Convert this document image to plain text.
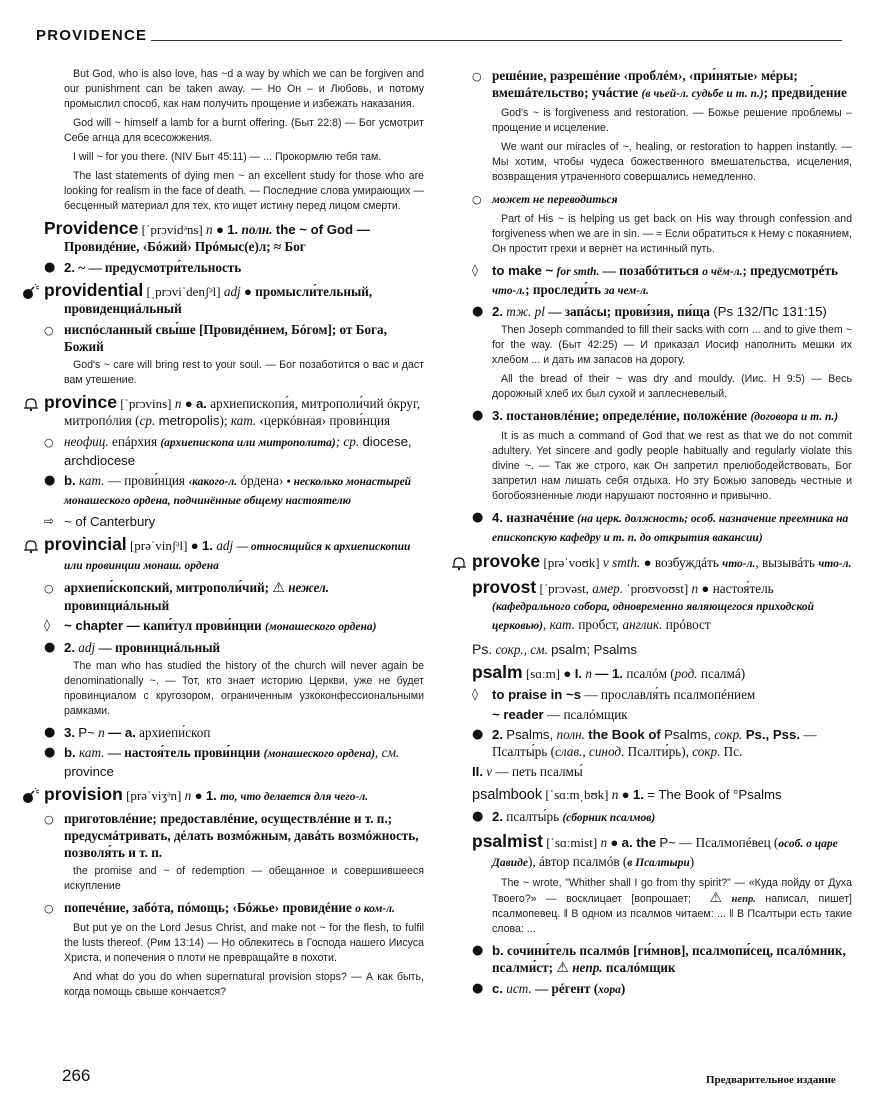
PROVIDENCE

But God, who is also love, has ~d a way by which we can be forgiven and our punishment can be taken away. — Но Он – и Любовь, и потому промыслил способ, как нам получить прощение и избежать наказания.

God will ~ himself a lamb for a burnt offering. (Быт 22:8) — Бог усмотрит Себе агнца для всесожжения.

I will ~ for you there. (NIV Быт 45:11) — ... Прокормлю тебя там.

The last statements of dying men ~ an excellent study for those who are looking for realism in the face of death. — Последние слова умирающих — бесценный материал для тех, кто ищет истину перед лицом смерти.

Providence [ˈprɔvidᵊns] n ● 1. полн. the ~ of God — Провидéние, ‹Бóжий› Прóмыс(е)л; ≈ Бог
● 2. ~ — предусмотри́тельность
providential [ˌprɔviˈdenʃᵊl] adj ● промысли́тельный, провиденциáльный
○ ниспóсланный свы́ше [Провидéнием, Бóгом]; от Бога, Божий

God's ~ care will bring rest to your soul. — Бог позаботится о вас и даст вам утешение.

province [ˈprɔvins] n ● a. архиепископи́я, митрополи́чий óкруг, митропóлия (ср. metropolis); кат. ‹церкóвная› прови́нция
○ неофиц. епáрхия (архиепископа или митрополита); ср. diocese, archdiocese
● b. кат. — прови́нция ‹какого-л. óрдена› • несколько монастырей монашеского ордена, подчинённые общему настоятелю
⇨ ~ of Canterbury
provincial [prəˈvinʃᵊl] ● 1. adj — относящийся к архиепископии или провинции монаш. ордена
○ архиепи́скопский, митрополи́чий; ⚠ нежел. провинциáльный
◊	~ chapter — капи́тул прови́нции (монашеского ордена)
● 2. adj — провинциáльный

The man who has studied the history of the church will never again be denominationally ~. — Тот, кто знает историю Церкви, уже не будет провинциалом с кругозором, ограниченным узкоконфессиональными рамками.

● 3. P~ n — a. архиепи́скоп
● b. кат. — настоя́тель прови́нции (монашеского ордена), см. province
provision [prəˈviʒᵊn] n ● 1. то, что делается для чего-л.
○ приготовлéние; предоставлéние, осуществлéние и т. п.; предусмáтривать, дéлать возмóжным, давáть возмóжность, позволя́ть и т. п.

the promise and ~ of redemption — обещанное и совершившееся искупление

○ попечéние, забóта, пóмощь; ‹Бóжье› провидéние о ком-л.

But put ye on the Lord Jesus Christ, and make not ~ for the flesh, to fulfil the lusts thereof. (Рим 13:14) — Но облекитесь в Господа нашего Иисуса Христа, и попечения о плоти не превращайте в похоти.

And what do you do when supernatural provision stops? — А как быть, когда помощь свыше кончается?

○ решéние, разрешéние ‹проблéм›, ‹при́нятые› мéры; вмешáтельство; учáстие (в чьей-л. судьбе и т. п.); предви́дение

God's ~ is forgiveness and restoration. — Божье решение проблемы – прощение и исцеление.

We want our miracles of ~, healing, or restoration to happen instantly. — Мы хотим, чтобы чудеса божественного вмешательства, исцеления, возвращения утраченного совершались немедленно.

○ может не переводиться

Part of His ~ is helping us get back on His way through confession and forgiveness when we are in sin. — ≈ Если обратиться к Нему с покаянием, Он простит грехи и вернёт на истинный путь.

◊	to make ~ for smth. — позабóтиться о чём-л.; предусмотрéть что-л.; проследи́ть за чем-л.
● 2. тж. pl — запáсы; прови́зия, пи́ща (Ps 132/Пс 131:15)

Then Joseph commanded to fill their sacks with corn ... and to give them ~ for the way. (Быт 42:25) — И приказал Иосиф наполнить мешки их хлебом ... и дать им запасов на дорогу.

All the bread of their ~ was dry and mouldy. (Иис. Н 9:5) — Весь дорожный хлеб их был сухой и заплесневелый.

● 3. постановлéние; определéние, положéние (договора и т. п.)

It is as much a command of God that we rest as that we do not commit adultery. Yet sincere and godly people habitually and regularly violate this divine ~. — Так же строго, как Он запретил прелюбодействовать, Бог запретил нам лишать себя отдыха. Но эту Божью заповедь честные и богобоязненные люди нарушают постоянно и привычно.

● 4. назначéние (на церк. должность; особ. назначение преемника на епископскую кафедру и т. п. до открытия вакансии)
provoke [prəˈvoʊk] v smth. ● возбуждáть что-л., вызывáть что-л.
provost [ˈprɔvəst, амер. ˈproʊvoʊst] n ● настоя́тель (кафедрального собора, одновременно являющегося приходской церковью), кат. пробст, англик. прóвост
Ps. сокр., см. psalm; Psalms
psalm [sɑːm] ● I. n — 1. псалóм (род. псалмá)
◊	to praise in ~s — прославля́ть псалмопéнием
~ reader — псалóмщик
● 2. Psalms, полн. the Book of Psalms, сокр. Ps., Pss. — Псалты́рь (слав., синод. Псалти́рь), сокр. Пс.
II. v — петь псалмы́
psalmbook [ˈsɑːmˌbʊk] n ● 1. = The Book of °Psalms
● 2. псалты́рь (сборник псалмов)
psalmist [ˈsɑːmist] n ● a. the P~ — Псалмопéвец (особ. о царе Давиде), áвтор псалмóв (в Псалтыри)

The ~ wrote, "Whither shall I go from thy spirit?" — «Куда пойду от Духа Твоего?» — восклицает [вопрошает; ⚠ непр. написал, пишет] псалмопевец. ‖ В одном из псалмов читаем: ... ‖ В Псалтыри есть такие слова: ...

● b. сочини́тель псалмóв [ги́мнов], псалмопи́сец, псалóмник, псалми́ст; ⚠ непр. псалóмщик
● c. ист. — рéгент (хора)
266	Предварительное издание
